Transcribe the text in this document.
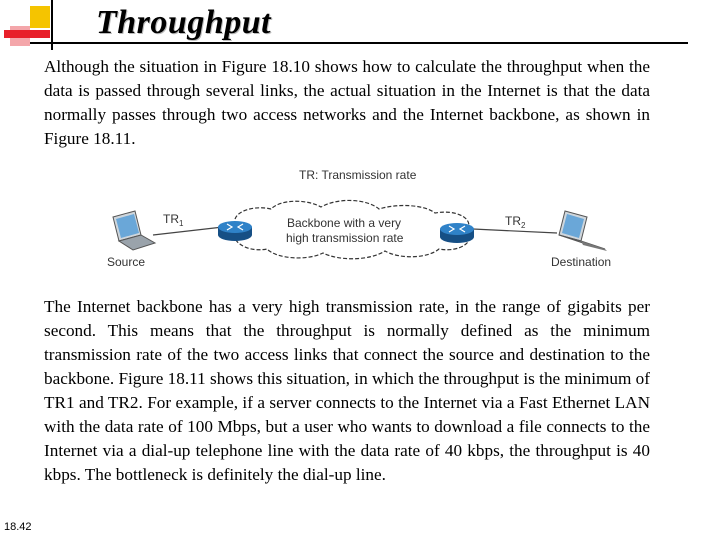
Throughput

Although the situation in Figure 18.10 shows how to calculate the throughput when the data is passed through several links, the actual situation in the Internet is that the data normally passes through two access networks and the Internet backbone, as shown in Figure 18.11.

TR: Transmission rate
Source	Destination
$TR_1$	$TR_2$
Backbone with a very
high transmission rate

The Internet backbone has a very high transmission rate, in the range of gigabits per second. This means that the throughput is normally defined as the minimum transmission rate of the two access links that connect the source and destination to the backbone. Figure 18.11 shows this situation, in which the throughput is the minimum of TR1 and TR2. For example, if a server connects to the Internet via a Fast Ethernet LAN with the data rate of 100 Mbps, but a user who wants to download a file connects to the Internet via a dial-up telephone line with the data rate of 40 kbps, the throughput is 40 kbps. The bottleneck is definitely the dial-up line.

18.42
